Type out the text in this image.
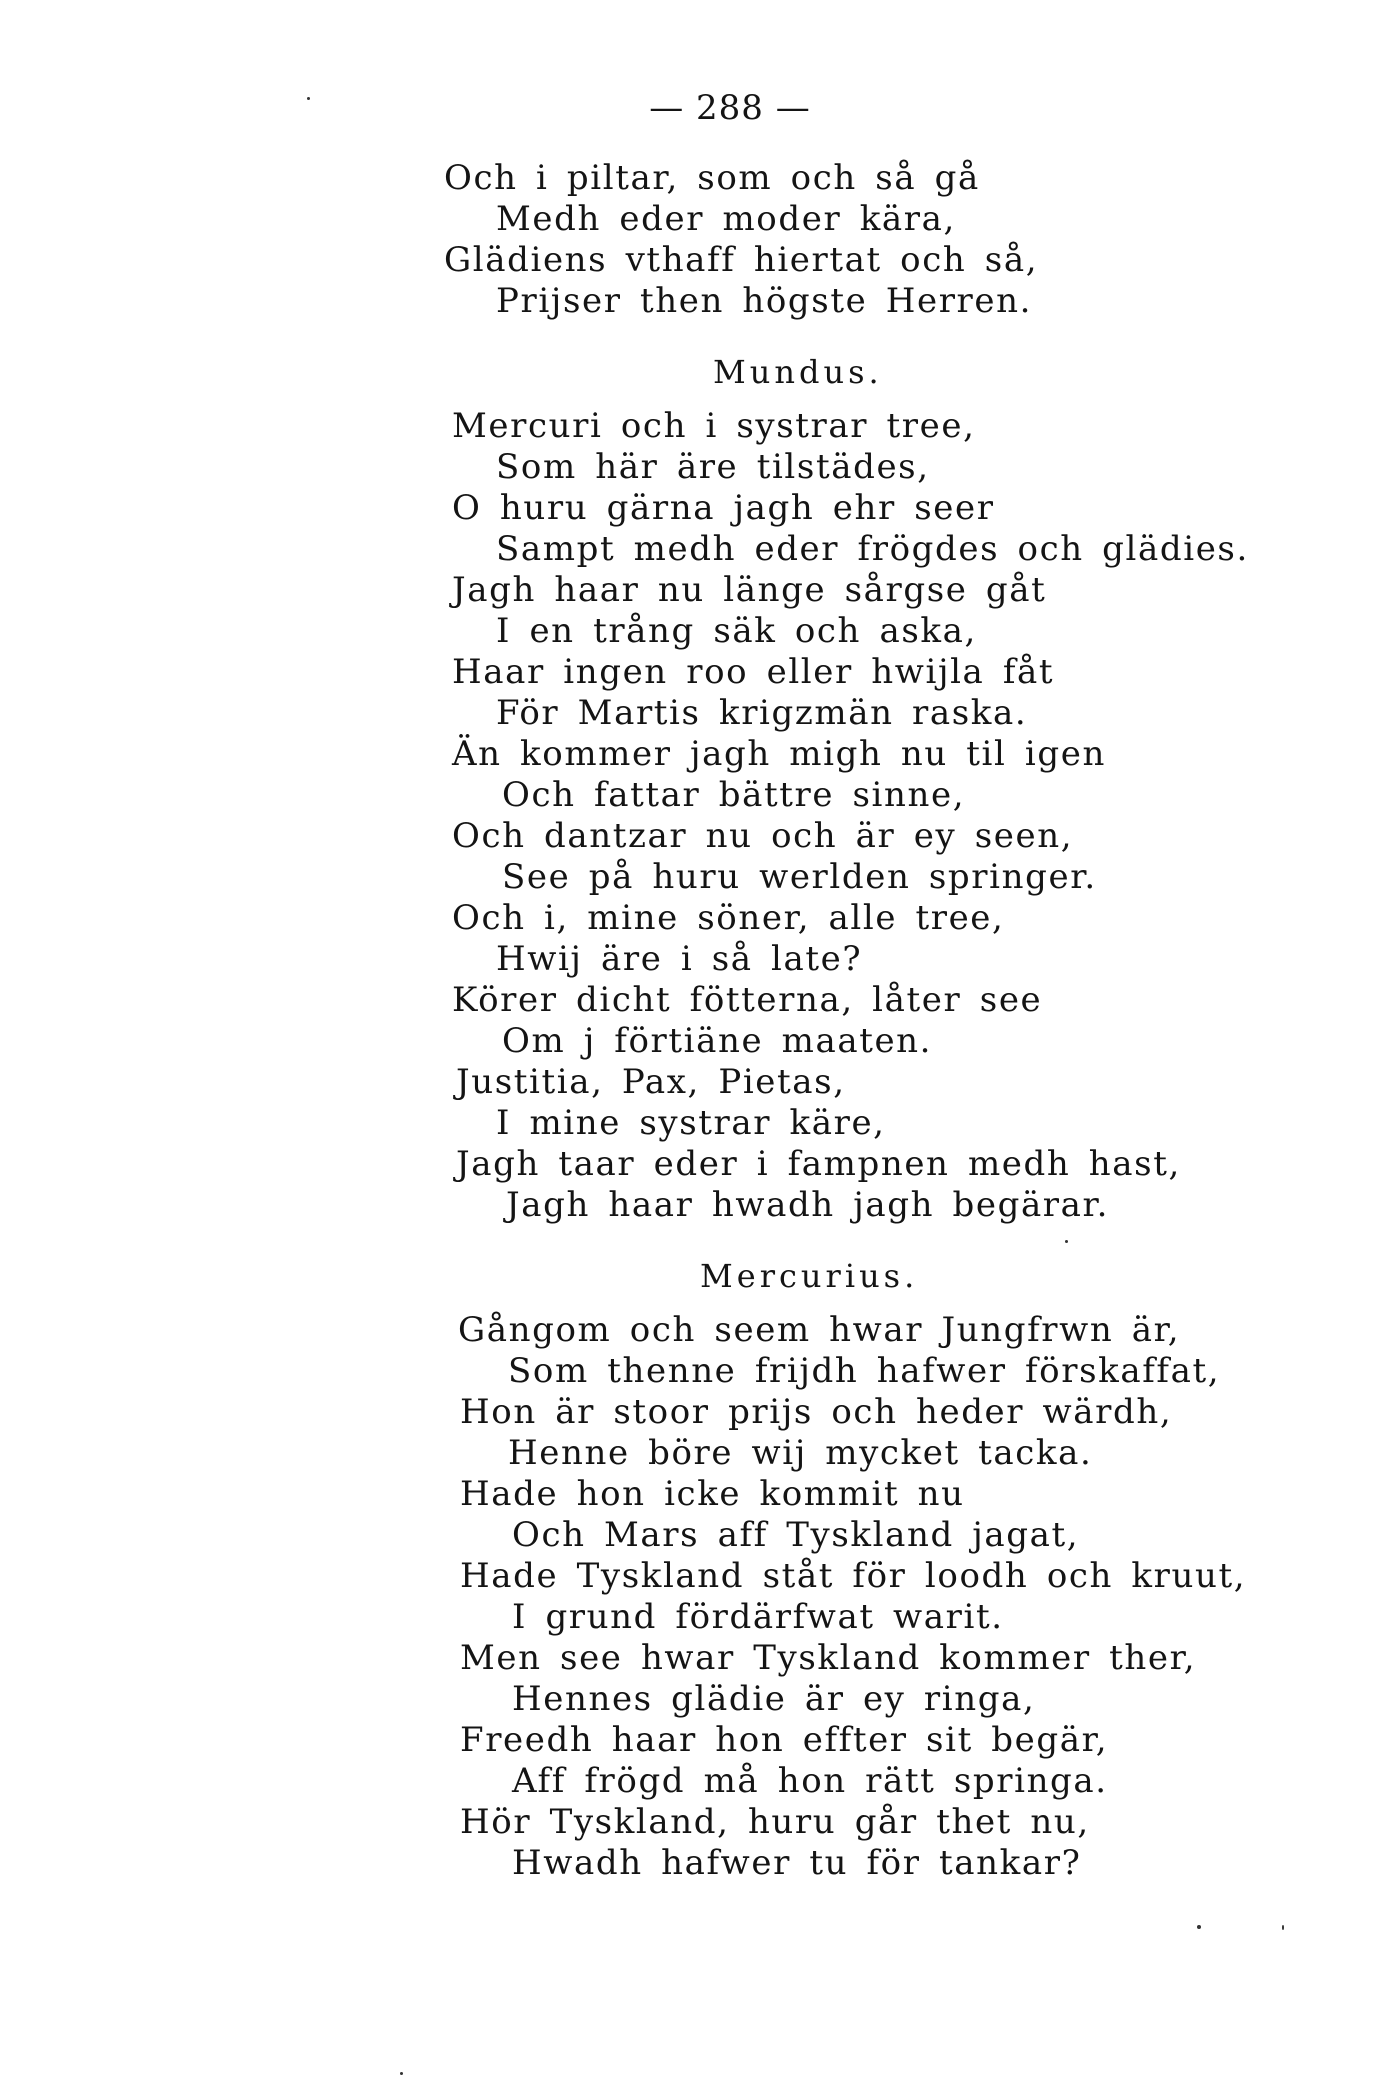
— 288 —
Och i piltar, som och så gå
Medh eder moder kära,
Glädiens vthaff hiertat och så,
Prijser then högste Herren.
Mundus.
Mercuri och i systrar tree,
Som här äre tilstädes,
O huru gärna jagh ehr seer
Sampt medh eder frögdes och glädies.
Jagh haar nu länge sårgse gåt
I en trång säk och aska,
Haar ingen roo eller hwijla fåt
För Martis krigzmän raska.
Än kommer jagh migh nu til igen
Och fattar bättre sinne,
Och dantzar nu och är ey seen,
See på huru werlden springer.
Och i, mine söner, alle tree,
Hwij äre i så late?
Körer dicht fötterna, låter see
Om j förtiäne maaten.
Justitia, Pax, Pietas,
I mine systrar käre,
Jagh taar eder i fampnen medh hast,
Jagh haar hwadh jagh begärar.
Mercurius.
Gångom och seem hwar Jungfrwn är,
Som thenne frijdh hafwer förskaffat,
Hon är stoor prijs och heder wärdh,
Henne böre wij mycket tacka.
Hade hon icke kommit nu
Och Mars aff Tyskland jagat,
Hade Tyskland ståt för loodh och kruut,
I grund fördärfwat warit.
Men see hwar Tyskland kommer ther,
Hennes glädie är ey ringa,
Freedh haar hon effter sit begär,
Aff frögd må hon rätt springa.
Hör Tyskland, huru går thet nu,
Hwadh hafwer tu för tankar?
